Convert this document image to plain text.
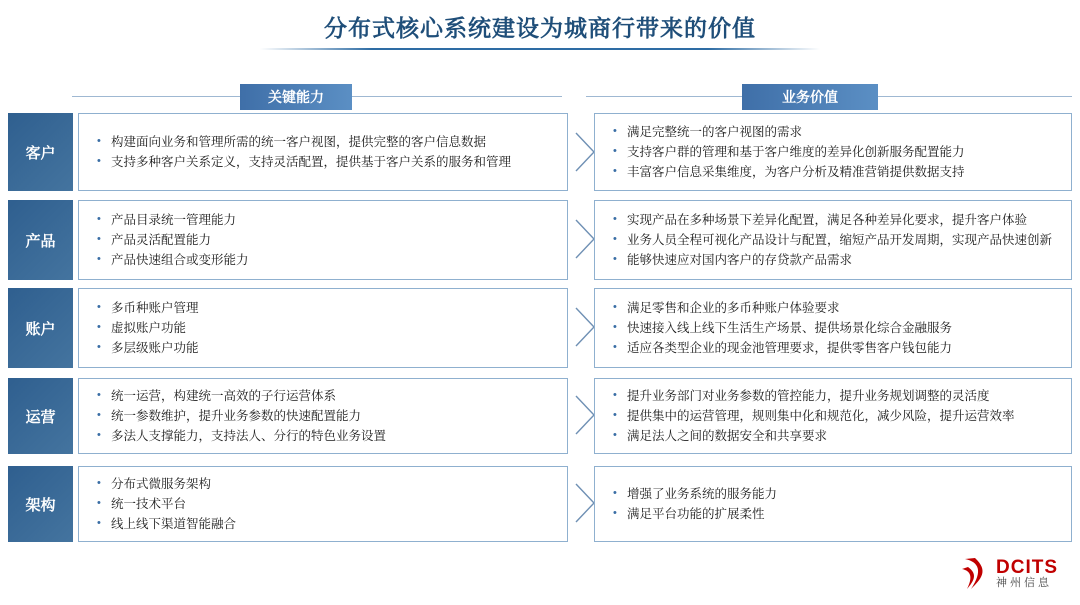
分布式核心系统建设为城商行带来的价值
关键能力	业务价值
客户
• 构建面向业务和管理所需的统一客户视图，提供完整的客户信息数据
• 支持多种客户关系定义，支持灵活配置，提供基于客户关系的服务和管理
• 满足完整统一的客户视图的需求
• 支持客户群的管理和基于客户维度的差异化创新服务配置能力
• 丰富客户信息采集维度，为客户分析及精准营销提供数据支持
产品
• 产品目录统一管理能力
• 产品灵活配置能力
• 产品快速组合或变形能力
• 实现产品在多种场景下差异化配置，满足各种差异化要求，提升客户体验
• 业务人员全程可视化产品设计与配置，缩短产品开发周期，实现产品快速创新
• 能够快速应对国内客户的存贷款产品需求
账户
• 多币种账户管理
• 虚拟账户功能
• 多层级账户功能
• 满足零售和企业的多币种账户体验要求
• 快速接入线上线下生活生产场景、提供场景化综合金融服务
• 适应各类型企业的现金池管理要求，提供零售客户钱包能力
运营
• 统一运营，构建统一高效的子行运营体系
• 统一参数维护，提升业务参数的快速配置能力
• 多法人支撑能力，支持法人、分行的特色业务设置
• 提升业务部门对业务参数的管控能力，提升业务规划调整的灵活度
• 提供集中的运营管理，规则集中化和规范化，减少风险，提升运营效率
• 满足法人之间的数据安全和共享要求
架构
• 分布式微服务架构
• 统一技术平台
• 线上线下渠道智能融合
• 增强了业务系统的服务能力
• 满足平台功能的扩展柔性
DCITS
神州信息
